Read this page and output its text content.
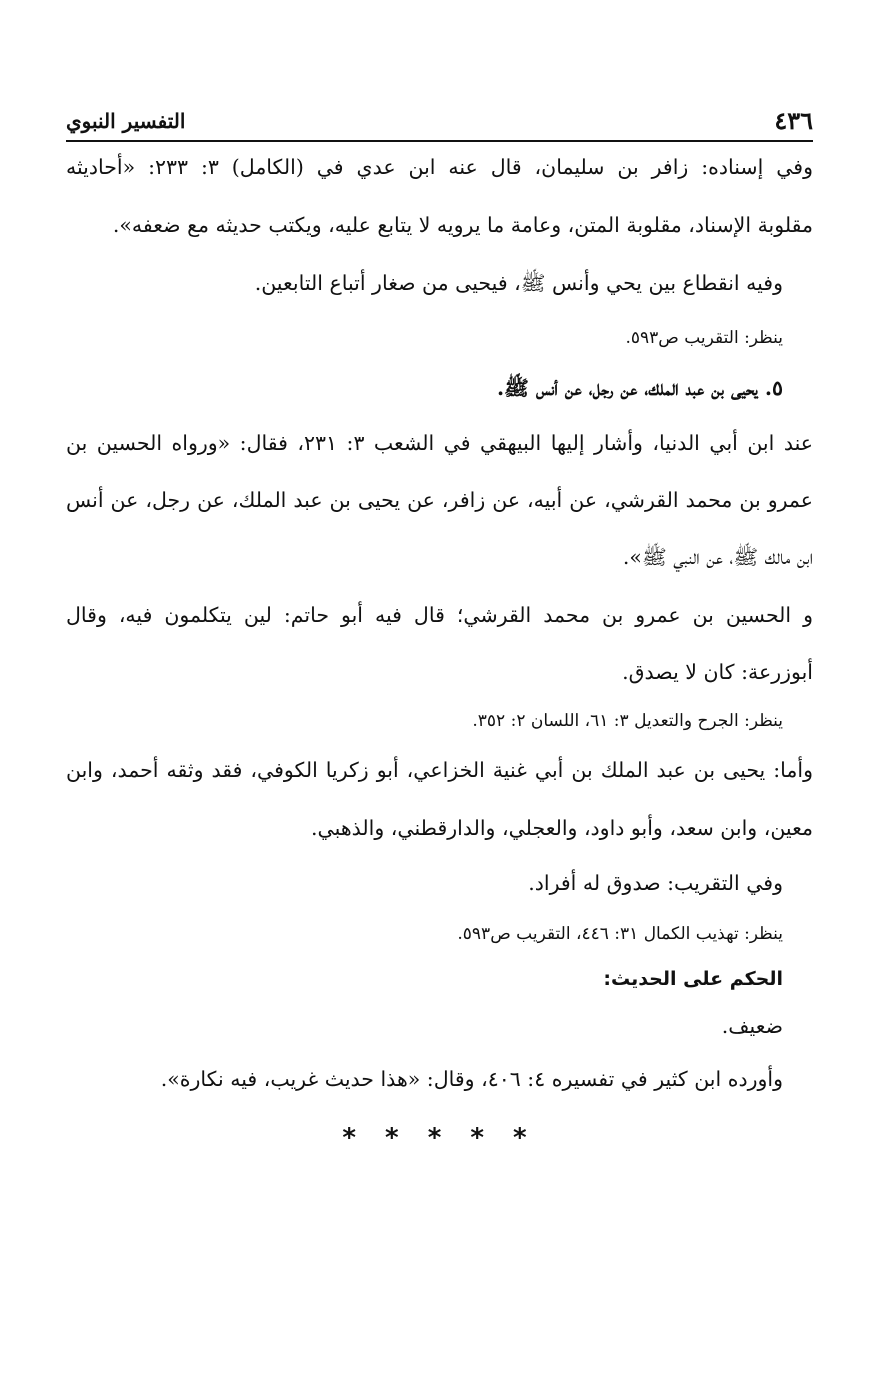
٤٣٦
التفسير النبوي
وفي إسناده: زافر بن سليمان، قال عنه ابن عدي في (الكامل) ٣: ٢٣٣: «أحاديثه
مقلوبة الإسناد، مقلوبة المتن، وعامة ما يرويه لا يتابع عليه، ويكتب حديثه مع ضعفه».
وفيه انقطاع بين يحي وأنس ﷺ، فيحيى من صغار أتباع التابعين.
ينظر: التقريب ص٥٩٣.
٥. يحيى بن عبد الملك، عن رجل، عن أنس ﷺ.
عند ابن أبي الدنيا، وأشار إليها البيهقي في الشعب ٣: ٢٣١، فقال: «ورواه الحسين بن
عمرو بن محمد القرشي، عن أبيه، عن زافر، عن يحيى بن عبد الملك، عن رجل، عن أنس
ابن مالك ﷺ، عن النبي ﷺ».
و الحسين بن عمرو بن محمد القرشي؛ قال فيه أبو حاتم: لين يتكلمون فيه، وقال
أبوزرعة: كان لا يصدق.
ينظر: الجرح والتعديل ٣: ٦١، اللسان ٢: ٣٥٢.
وأما: يحيى بن عبد الملك بن أبي غنية الخزاعي، أبو زكريا الكوفي، فقد وثقه أحمد، وابن
معين، وابن سعد، وأبو داود، والعجلي، والدارقطني، والذهبي.
وفي التقريب: صدوق له أفراد.
ينظر: تهذيب الكمال ٣١: ٤٤٦، التقريب ص٥٩٣.
الحكم على الحديث:
ضعيف.
وأورده ابن كثير في تفسيره ٤: ٤٠٦، وقال: «هذا حديث غريب، فيه نكارة».
* * * * *
